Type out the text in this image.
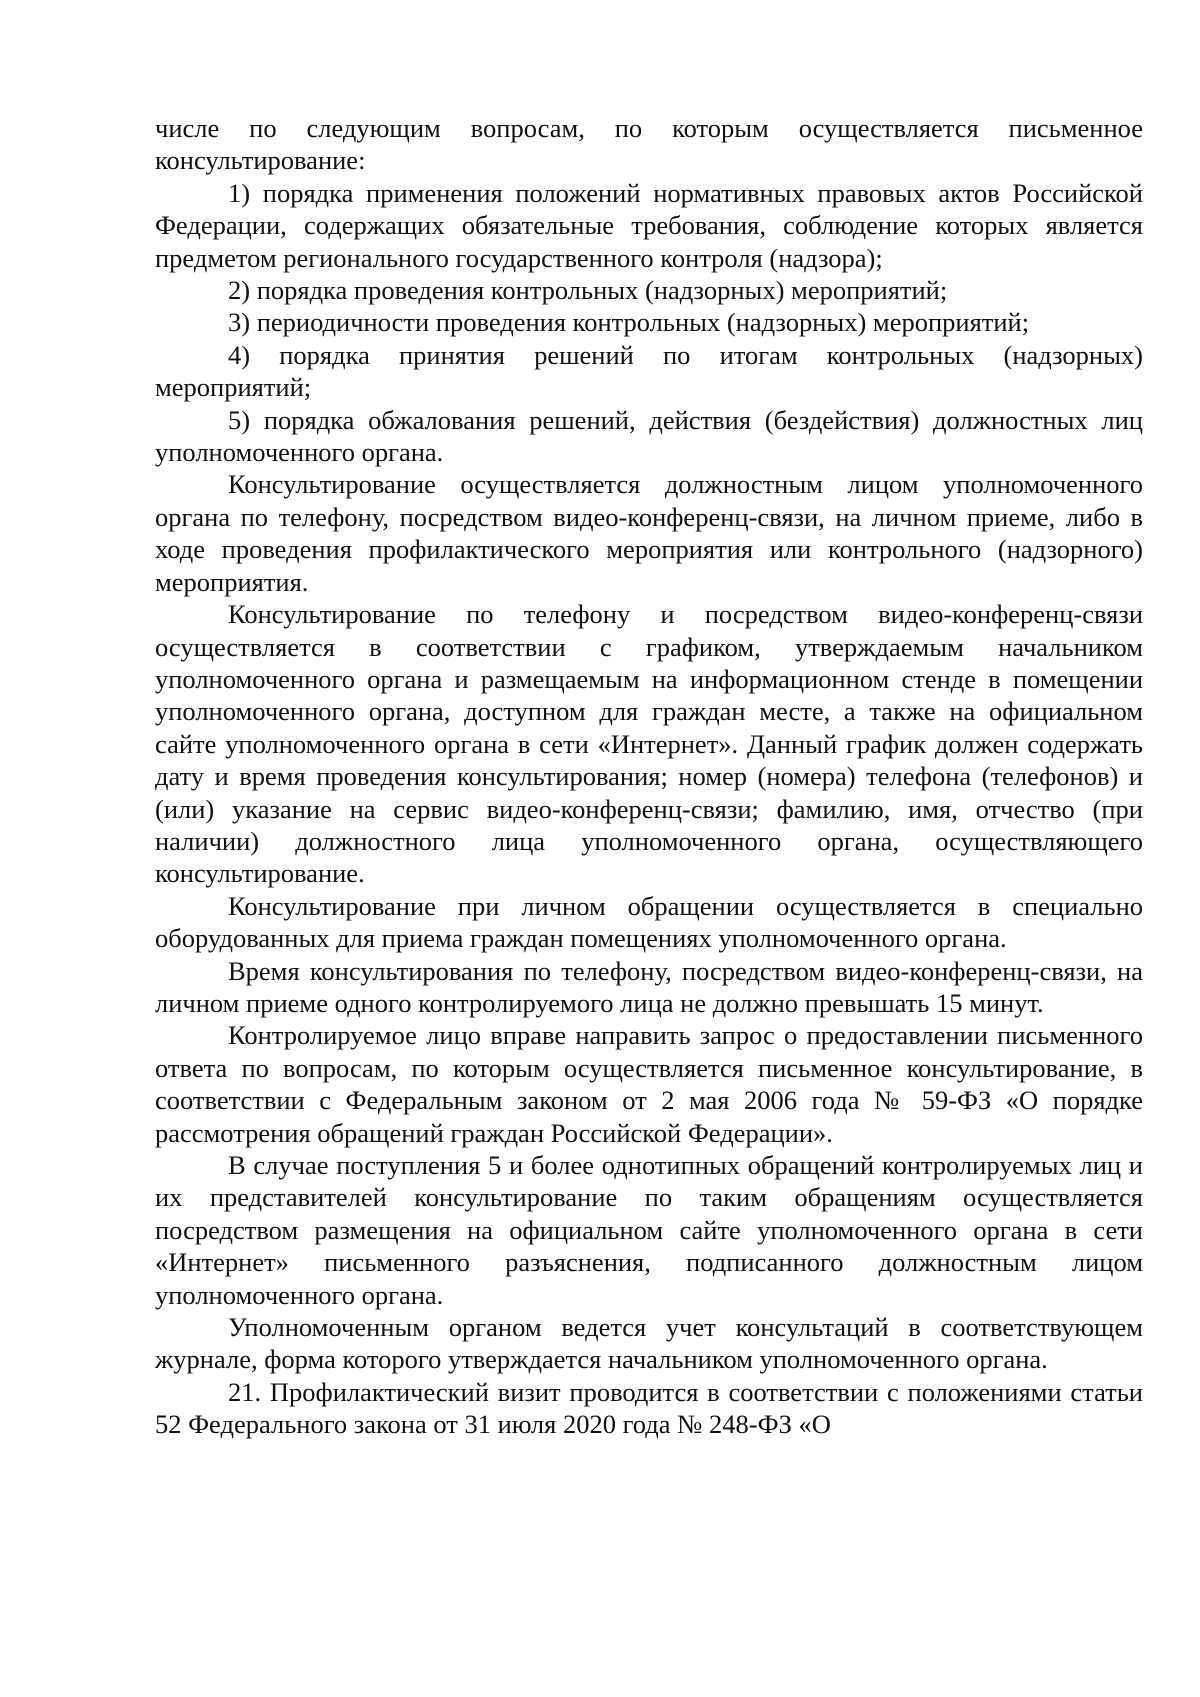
числе по следующим вопросам, по которым осуществляется письменное консультирование:

1) порядка применения положений нормативных правовых актов Российской Федерации, содержащих обязательные требования, соблюдение которых является предметом регионального государственного контроля (надзора);

2) порядка проведения контрольных (надзорных) мероприятий;

3) периодичности проведения контрольных (надзорных) мероприятий;

4) порядка принятия решений по итогам контрольных (надзорных) мероприятий;

5) порядка обжалования решений, действия (бездействия) должностных лиц уполномоченного органа.

Консультирование осуществляется должностным лицом уполномоченного органа по телефону, посредством видео-конференц-связи, на личном приеме, либо в ходе проведения профилактического мероприятия или контрольного (надзорного) мероприятия.

Консультирование по телефону и посредством видео-конференц-связи осуществляется в соответствии с графиком, утверждаемым начальником уполномоченного органа и размещаемым на информационном стенде в помещении уполномоченного органа, доступном для граждан месте, а также на официальном сайте уполномоченного органа в сети «Интернет». Данный график должен содержать дату и время проведения консультирования; номер (номера) телефона (телефонов) и (или) указание на сервис видео-конференц-связи; фамилию, имя, отчество (при наличии) должностного лица уполномоченного органа, осуществляющего консультирование.

Консультирование при личном обращении осуществляется в специально оборудованных для приема граждан помещениях уполномоченного органа.

Время консультирования по телефону, посредством видео-конференц-связи, на личном приеме одного контролируемого лица не должно превышать 15 минут.

Контролируемое лицо вправе направить запрос о предоставлении письменного ответа по вопросам, по которым осуществляется письменное консультирование, в соответствии с Федеральным законом от 2 мая 2006 года № 59-ФЗ «О порядке рассмотрения обращений граждан Российской Федерации».

В случае поступления 5 и более однотипных обращений контролируемых лиц и их представителей консультирование по таким обращениям осуществляется посредством размещения на официальном сайте уполномоченного органа в сети «Интернет» письменного разъяснения, подписанного должностным лицом уполномоченного органа.

Уполномоченным органом ведется учет консультаций в соответствующем журнале, форма которого утверждается начальником уполномоченного органа.

21. Профилактический визит проводится в соответствии с положениями статьи 52 Федерального закона от 31 июля 2020 года № 248-ФЗ «О
